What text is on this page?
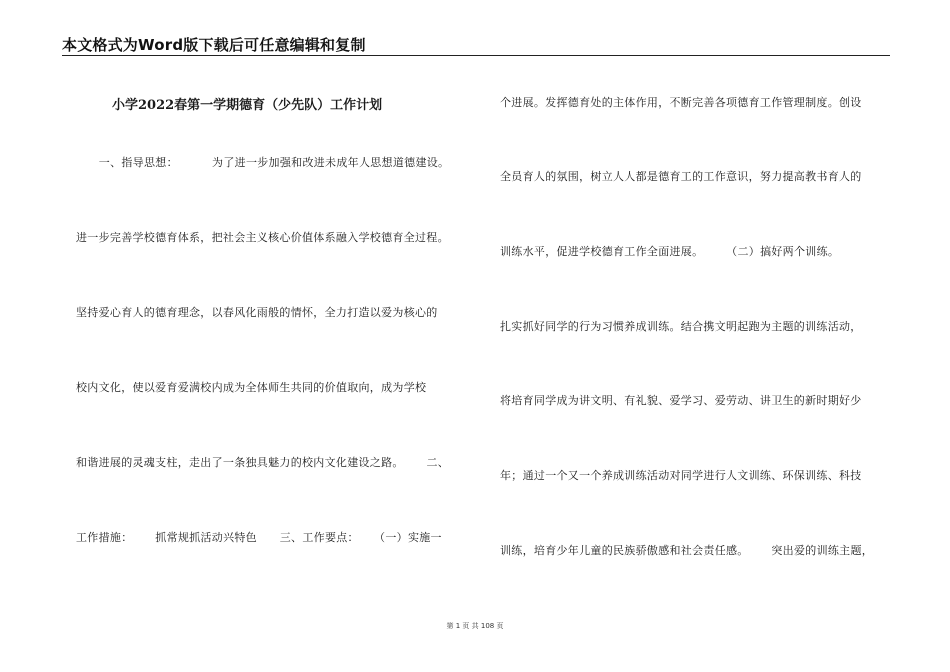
本文格式为Word版下载后可任意编辑和复制
小学2022春第一学期德育（少先队）工作计划
一、指导思想：         为了进一步加强和改进未成年人思想道德建设。
进一步完善学校德育体系，把社会主义核心价值体系融入学校德育全过程。
坚持爱心育人的德育理念，以春风化雨般的情怀，全力打造以爱为核心的
校内文化，使以爱育爱满校内成为全体师生共同的价值取向，成为学校
和谐进展的灵魂支柱，走出了一条独具魅力的校内文化建设之路。      二、
工作措施：      抓常规抓活动兴特色      三、工作要点：    （一）实施一
个进展。发挥德育处的主体作用，不断完善各项德育工作管理制度。创设
全员育人的氛围，树立人人都是德育工的工作意识，努力提高教书育人的
训练水平，促进学校德育工作全面进展。      （二）搞好两个训练。
扎实抓好同学的行为习惯养成训练。结合携文明起跑为主题的训练活动，
将培育同学成为讲文明、有礼貌、爱学习、爱劳动、讲卫生的新时期好少
年；通过一个又一个养成训练活动对同学进行人文训练、环保训练、科技
训练，培育少年儿童的民族骄傲感和社会责任感。      突出爱的训练主题，
第 1 页 共 108 页
